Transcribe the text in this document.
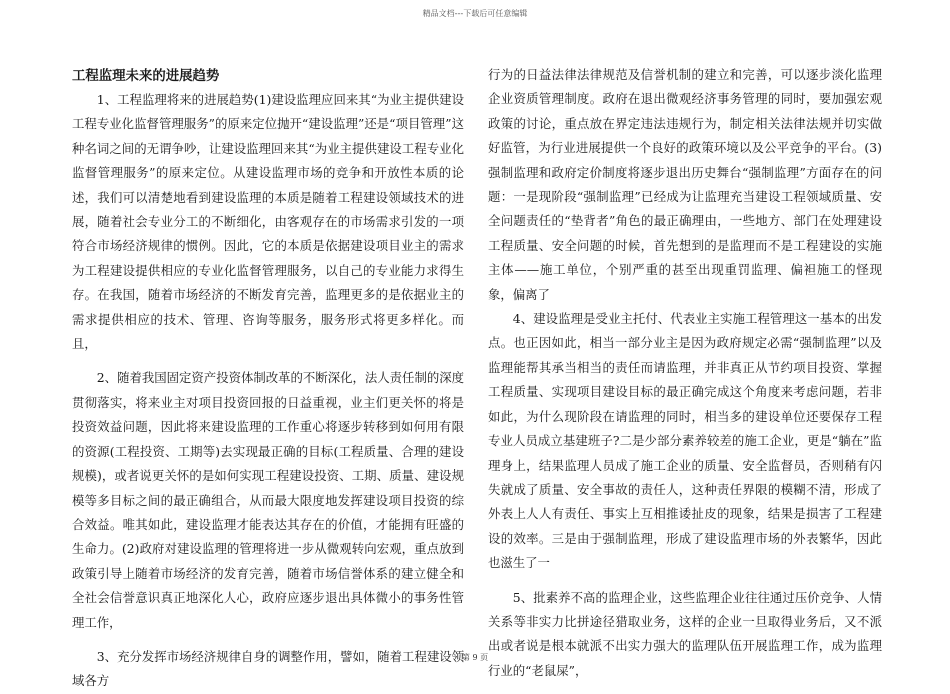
精品文档---下载后可任意编辑
工程监理未来的进展趋势

1、工程监理将来的进展趋势(1)建设监理应回来其“为业主提供建设工程专业化监督管理服务”的原来定位抛开“建设监理”还是“项目管理”这种名词之间的无谓争吵，让建设监理回来其“为业主提供建设工程专业化监督管理服务”的原来定位。从建设监理市场的竞争和开放性本质的论述，我们可以清楚地看到建设监理的本质是随着工程建设领域技术的进展，随着社会专业分工的不断细化，由客观存在的市场需求引发的一项符合市场经济规律的惯例。因此，它的本质是依据建设项目业主的需求为工程建设提供相应的专业化监督管理服务，以自己的专业能力求得生存。在我国，随着市场经济的不断发育完善，监理更多的是依据业主的需求提供相应的技术、管理、咨询等服务，服务形式将更多样化。而且，

2、随着我国固定资产投资体制改革的不断深化，法人责任制的深度贯彻落实，将来业主对项目投资回报的日益重视，业主们更关怀的将是投资效益问题，因此将来建设监理的工作重心将逐步转移到如何用有限的资源(工程投资、工期等)去实现最正确的目标(工程质量、合理的建设规模)，或者说更关怀的是如何实现工程建设投资、工期、质量、建设规模等多目标之间的最正确组合，从而最大限度地发挥建设项目投资的综合效益。唯其如此，建设监理才能表达其存在的价值，才能拥有旺盛的生命力。(2)政府对建设监理的管理将进一步从微观转向宏观，重点放到政策引导上随着市场经济的发育完善，随着市场信誉体系的建立健全和全社会信誉意识真正地深化人心，政府应逐步退出具体微小的事务性管理工作，

3、充分发挥市场经济规律自身的调整作用，譬如，随着工程建设领域各方

行为的日益法律法律规范及信誉机制的建立和完善，可以逐步淡化监理企业资质管理制度。政府在退出微观经济事务管理的同时，要加强宏观政策的讨论，重点放在界定违法违规行为，制定相关法律法规并切实做好监管，为行业进展提供一个良好的政策环境以及公平竞争的平台。(3)强制监理和政府定价制度将逐步退出历史舞台“强制监理”方面存在的问题：一是现阶段“强制监理”已经成为让监理充当建设工程领域质量、安全问题责任的“垫背者”角色的最正确理由，一些地方、部门在处理建设工程质量、安全问题的时候，首先想到的是监理而不是工程建设的实施主体——施工单位，个别严重的甚至出现重罚监理、偏袒施工的怪现象，偏离了

4、建设监理是受业主托付、代表业主实施工程管理这一基本的出发点。也正因如此，相当一部分业主是因为政府规定必需“强制监理”以及监理能帮其承当相当的责任而请监理，并非真正从节约项目投资、掌握工程质量、实现项目建设目标的最正确完成这个角度来考虑问题，若非如此，为什么现阶段在请监理的同时，相当多的建设单位还要保存工程专业人员成立基建班子?二是少部分素养较差的施工企业，更是“躺在”监理身上，结果监理人员成了施工企业的质量、安全监督员，否则稍有闪失就成了质量、安全事故的责任人，这种责任界限的模糊不清，形成了外表上人人有责任、事实上互相推诿扯皮的现象，结果是损害了工程建设的效率。三是由于强制监理，形成了建设监理市场的外表繁华，因此也滋生了一

5、批素养不高的监理企业，这些监理企业往往通过压价竞争、人情关系等非实力比拼途径猎取业务，这样的企业一旦取得业务后，又不派出或者说是根本就派不出实力强大的监理队伍开展监理工作，成为监理行业的“老鼠屎”，

第 9 页
